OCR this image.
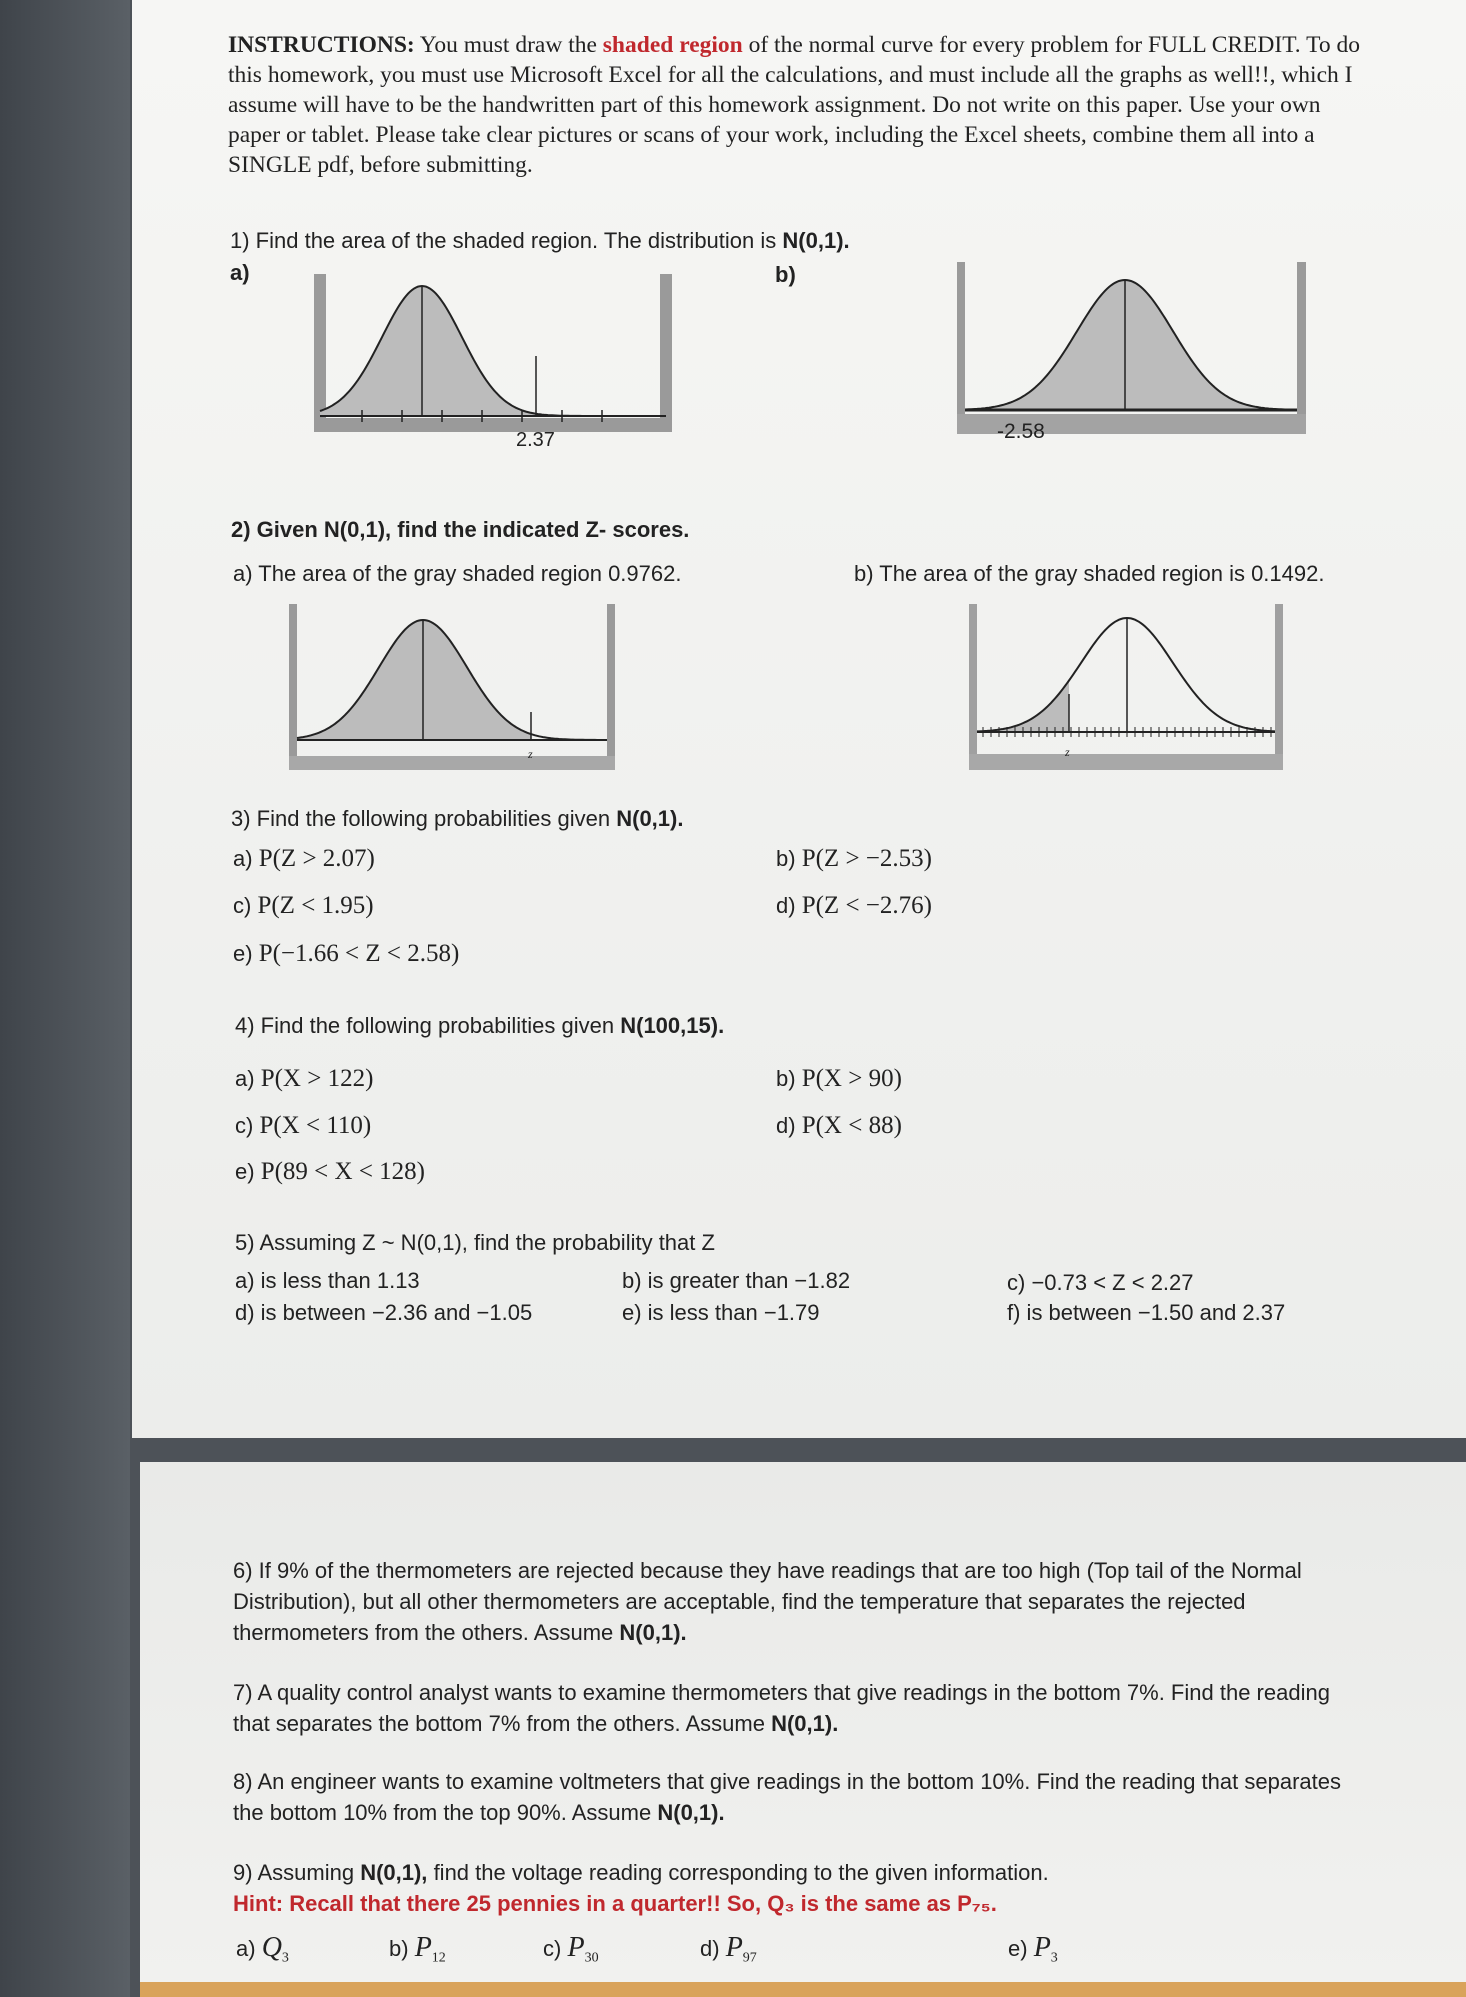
INSTRUCTIONS: You must draw the shaded region of the normal curve for every problem for FULL CREDIT. To do this homework, you must use Microsoft Excel for all the calculations, and must include all the graphs as well!!, which I assume will have to be the handwritten part of this homework assignment. Do not write on this paper. Use your own paper or tablet. Please take clear pictures or scans of your work, including the Excel sheets, combine them all into a SINGLE pdf, before submitting.
1) Find the area of the shaded region. The distribution is N(0,1).
a)	b)
2.37	-2.58
2) Given N(0,1), find the indicated Z- scores.
a) The area of the gray shaded region 0.9762.	b) The area of the gray shaded region is 0.1492.
z	z
3) Find the following probabilities given N(0,1).
a) P(Z > 2.07)	b) P(Z > −2.53)
c) P(Z < 1.95)	d) P(Z < −2.76)
e) P(−1.66 < Z < 2.58)
4) Find the following probabilities given N(100,15).
a) P(X > 122)	b) P(X > 90)
c) P(X < 110)	d) P(X < 88)
e) P(89 < X < 128)
5) Assuming Z ~ N(0,1), find the probability that Z
a) is less than 1.13	b) is greater than −1.82	c) −0.73 < Z < 2.27
d) is between −2.36 and −1.05	e) is less than −1.79	f) is between −1.50 and 2.37
6) If 9% of the thermometers are rejected because they have readings that are too high (Top tail of the Normal Distribution), but all other thermometers are acceptable, find the temperature that separates the rejected thermometers from the others. Assume N(0,1).
7) A quality control analyst wants to examine thermometers that give readings in the bottom 7%. Find the reading that separates the bottom 7% from the others. Assume N(0,1).
8) An engineer wants to examine voltmeters that give readings in the bottom 10%. Find the reading that separates the bottom 10% from the top 90%. Assume N(0,1).
9) Assuming N(0,1), find the voltage reading corresponding to the given information.
Hint: Recall that there 25 pennies in a quarter!! So, Q₃ is the same as P₇₅.
a) $Q_3$	b) $P_{12}$	c) $P_{30}$	d) $P_{97}$	e) $P_3$
